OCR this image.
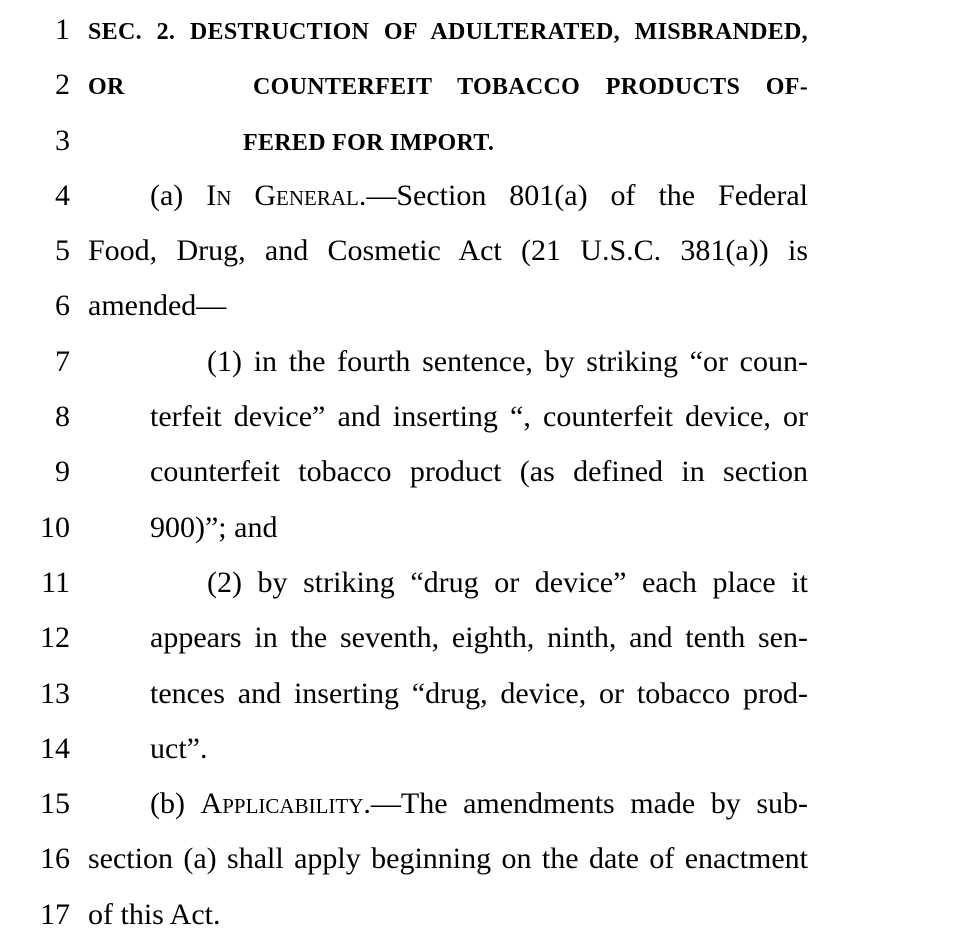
1 SEC. 2. DESTRUCTION OF ADULTERATED, MISBRANDED, OR
2	COUNTERFEIT TOBACCO PRODUCTS OF-
3	FERED FOR IMPORT.
4	(a) In General.—Section 801(a) of the Federal
5 Food, Drug, and Cosmetic Act (21 U.S.C. 381(a)) is
6 amended—
7	(1) in the fourth sentence, by striking “or coun-
8	terfeit device” and inserting “, counterfeit device, or
9	counterfeit tobacco product (as defined in section
10	900)”; and
11	(2) by striking “drug or device” each place it
12	appears in the seventh, eighth, ninth, and tenth sen-
13	tences and inserting “drug, device, or tobacco prod-
14	uct”.
15	(b) Applicability.—The amendments made by sub-
16 section (a) shall apply beginning on the date of enactment
17 of this Act.
